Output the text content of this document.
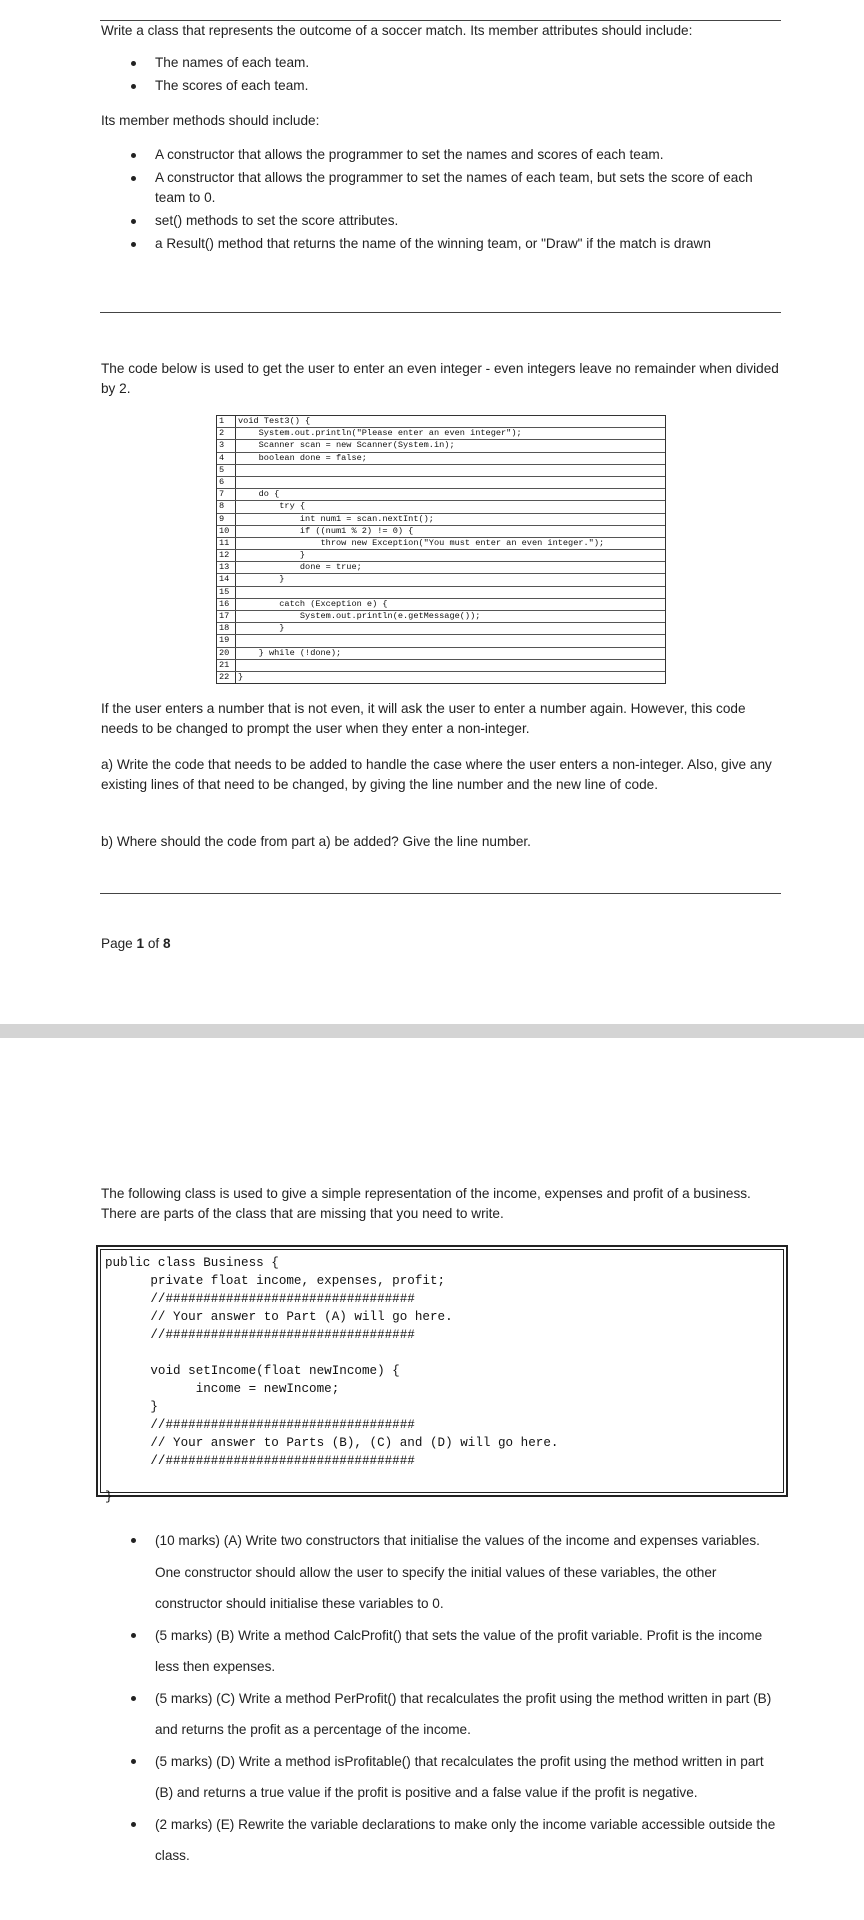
Write a class that represents the outcome of a soccer match. Its member attributes should include:
The names of each team.
The scores of each team.
Its member methods should include:
A constructor that allows the programmer to set the names and scores of each team.
A constructor that allows the programmer to set the names of each team, but sets the score of each team to 0.
set() methods to set the score attributes.
a Result() method that returns the name of the winning team, or "Draw" if the match is drawn
The code below is used to get the user to enter an even integer - even integers leave no remainder when divided by 2.
1	void Test3() {
2	System.out.println("Please enter an even integer");
3	Scanner scan = new Scanner(System.in);
4	boolean done = false;
5
6
7	do {
8	try {
9	int num1 = scan.nextInt();
10	if ((num1 % 2) != 0) {
11	throw new Exception("You must enter an even integer.");
12	}
13	done = true;
14	}
15
16	catch (Exception e) {
17	System.out.println(e.getMessage());
18	}
19
20	} while (!done);
21
22	}
If the user enters a number that is not even, it will ask the user to enter a number again. However, this code needs to be changed to prompt the user when they enter a non-integer.
a) Write the code that needs to be added to handle the case where the user enters a non-integer. Also, give any existing lines of that need to be changed, by giving the line number and the new line of code.
b) Where should the code from part a) be added? Give the line number.
Page 1 of 8
The following class is used to give a simple representation of the income, expenses and profit of a business. There are parts of the class that are missing that you need to write.
public class Business {
private float income, expenses, profit;
//#################################
// Your answer to Part (A) will go here.
//#################################

void setIncome(float newIncome) {
income = newIncome;
}
//#################################
// Your answer to Parts (B), (C) and (D) will go here.
//#################################

}
(10 marks) (A) Write two constructors that initialise the values of the income and expenses variables. One constructor should allow the user to specify the initial values of these variables, the other constructor should initialise these variables to 0.
(5 marks) (B) Write a method CalcProfit() that sets the value of the profit variable. Profit is the income less then expenses.
(5 marks) (C) Write a method PerProfit() that recalculates the profit using the method written in part (B) and returns the profit as a percentage of the income.
(5 marks) (D) Write a method isProfitable() that recalculates the profit using the method written in part (B) and returns a true value if the profit is positive and a false value if the profit is negative.
(2 marks) (E) Rewrite the variable declarations to make only the income variable accessible outside the class.
